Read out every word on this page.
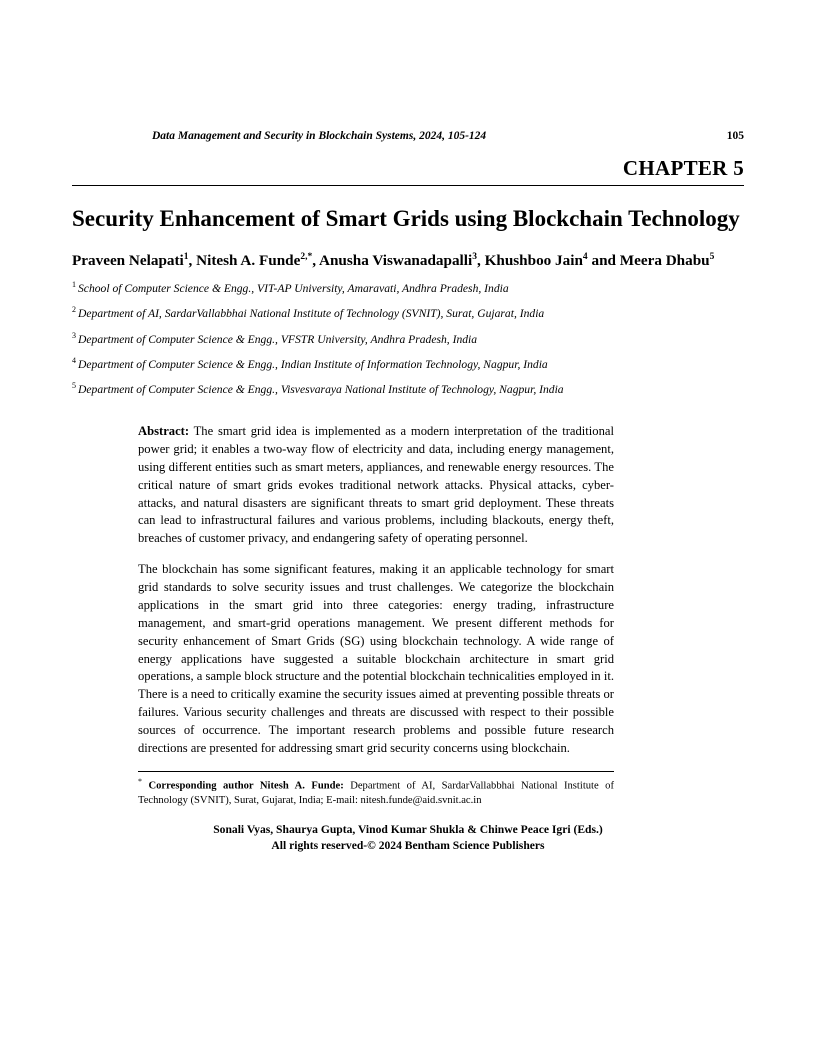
Data Management and Security in Blockchain Systems, 2024, 105-124	105
CHAPTER 5
Security Enhancement of Smart Grids using Blockchain Technology
Praveen Nelapati$^1$, Nitesh A. Funde$^{2,*}$, Anusha Viswanadapalli$^3$, Khushboo Jain$^4$ and Meera Dhabu$^5$
$^1$ School of Computer Science & Engg., VIT-AP University, Amaravati, Andhra Pradesh, India
$^2$ Department of AI, SardarVallabbhai National Institute of Technology (SVNIT), Surat, Gujarat, India
$^3$ Department of Computer Science & Engg., VFSTR University, Andhra Pradesh, India
$^4$ Department of Computer Science & Engg., Indian Institute of Information Technology, Nagpur, India
$^5$ Department of Computer Science & Engg., Visvesvaraya National Institute of Technology, Nagpur, India

Abstract: The smart grid idea is implemented as a modern interpretation of the traditional power grid; it enables a two-way flow of electricity and data, including energy management, using different entities such as smart meters, appliances, and renewable energy resources. The critical nature of smart grids evokes traditional network attacks. Physical attacks, cyber-attacks, and natural disasters are significant threats to smart grid deployment. These threats can lead to infrastructural failures and various problems, including blackouts, energy theft, breaches of customer privacy, and endangering safety of operating personnel.

The blockchain has some significant features, making it an applicable technology for smart grid standards to solve security issues and trust challenges. We categorize the blockchain applications in the smart grid into three categories: energy trading, infrastructure management, and smart-grid operations management. We present different methods for security enhancement of Smart Grids (SG) using blockchain technology. A wide range of energy applications have suggested a suitable blockchain architecture in smart grid operations, a sample block structure and the potential blockchain technicalities employed in it. There is a need to critically examine the security issues aimed at preventing possible threats or failures. Various security challenges and threats are discussed with respect to their possible sources of occurrence. The important research problems and possible future research directions are presented for addressing smart grid security concerns using blockchain.

* Corresponding author Nitesh A. Funde: Department of AI, SardarVallabbhai National Institute of Technology (SVNIT), Surat, Gujarat, India; E-mail: nitesh.funde@aid.svnit.ac.in
Sonali Vyas, Shaurya Gupta, Vinod Kumar Shukla & Chinwe Peace Igri (Eds.)
All rights reserved-© 2024 Bentham Science Publishers
